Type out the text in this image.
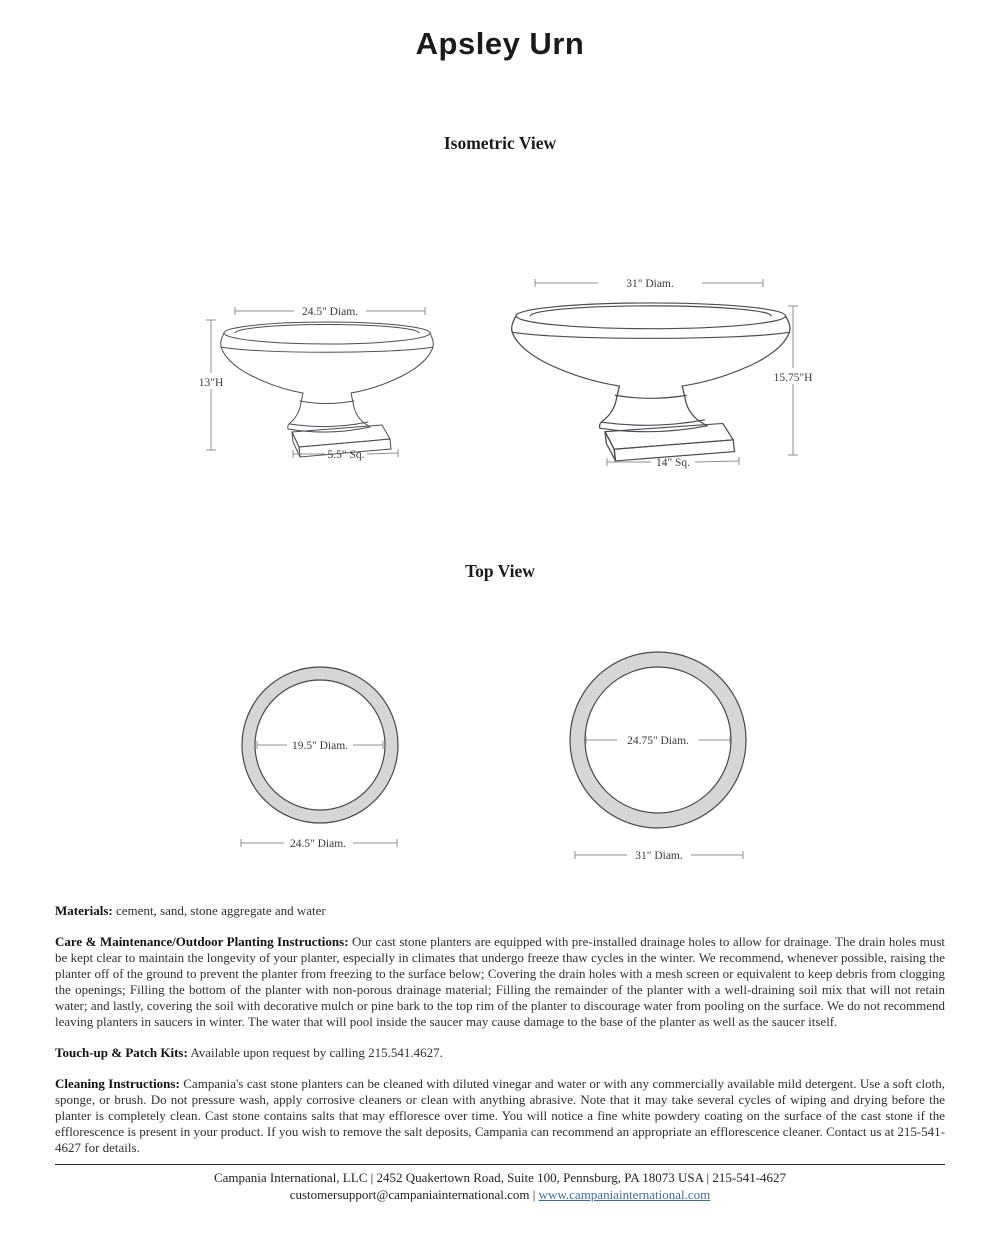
Apsley Urn
Isometric View
24.5" Diam.
13"H
5.5" Sq.
31" Diam.
15.75"H
14" Sq.
Top View
19.5" Diam.
24.5" Diam.
24.75" Diam.
31" Diam.

Materials: cement, sand, stone aggregate and water

Care & Maintenance/Outdoor Planting Instructions: Our cast stone planters are equipped with pre-installed drainage holes to allow for drainage. The drain holes must be kept clear to maintain the longevity of your planter, especially in climates that undergo freeze thaw cycles in the winter. We recommend, whenever possible, raising the planter off of the ground to prevent the planter from freezing to the surface below; Covering the drain holes with a mesh screen or equivalent to keep debris from clogging the openings; Filling the bottom of the planter with non-porous drainage material; Filling the remainder of the planter with a well-draining soil mix that will not retain water; and lastly, covering the soil with decorative mulch or pine bark to the top rim of the planter to discourage water from pooling on the surface. We do not recommend leaving planters in saucers in winter. The water that will pool inside the saucer may cause damage to the base of the planter as well as the saucer itself.

Touch-up & Patch Kits: Available upon request by calling 215.541.4627.

Cleaning Instructions: Campania's cast stone planters can be cleaned with diluted vinegar and water or with any commercially available mild detergent. Use a soft cloth, sponge, or brush. Do not pressure wash, apply corrosive cleaners or clean with anything abrasive. Note that it may take several cycles of wiping and drying before the planter is completely clean. Cast stone contains salts that may effloresce over time. You will notice a fine white powdery coating on the surface of the cast stone if the efflorescence is present in your product. If you wish to remove the salt deposits, Campania can recommend an appropriate an efflorescence cleaner. Contact us at 215-541-4627 for details.

Campania International, LLC | 2452 Quakertown Road, Suite 100, Pennsburg, PA 18073 USA | 215-541-4627
customersupport@campaniainternational.com | www.campaniainternational.com
